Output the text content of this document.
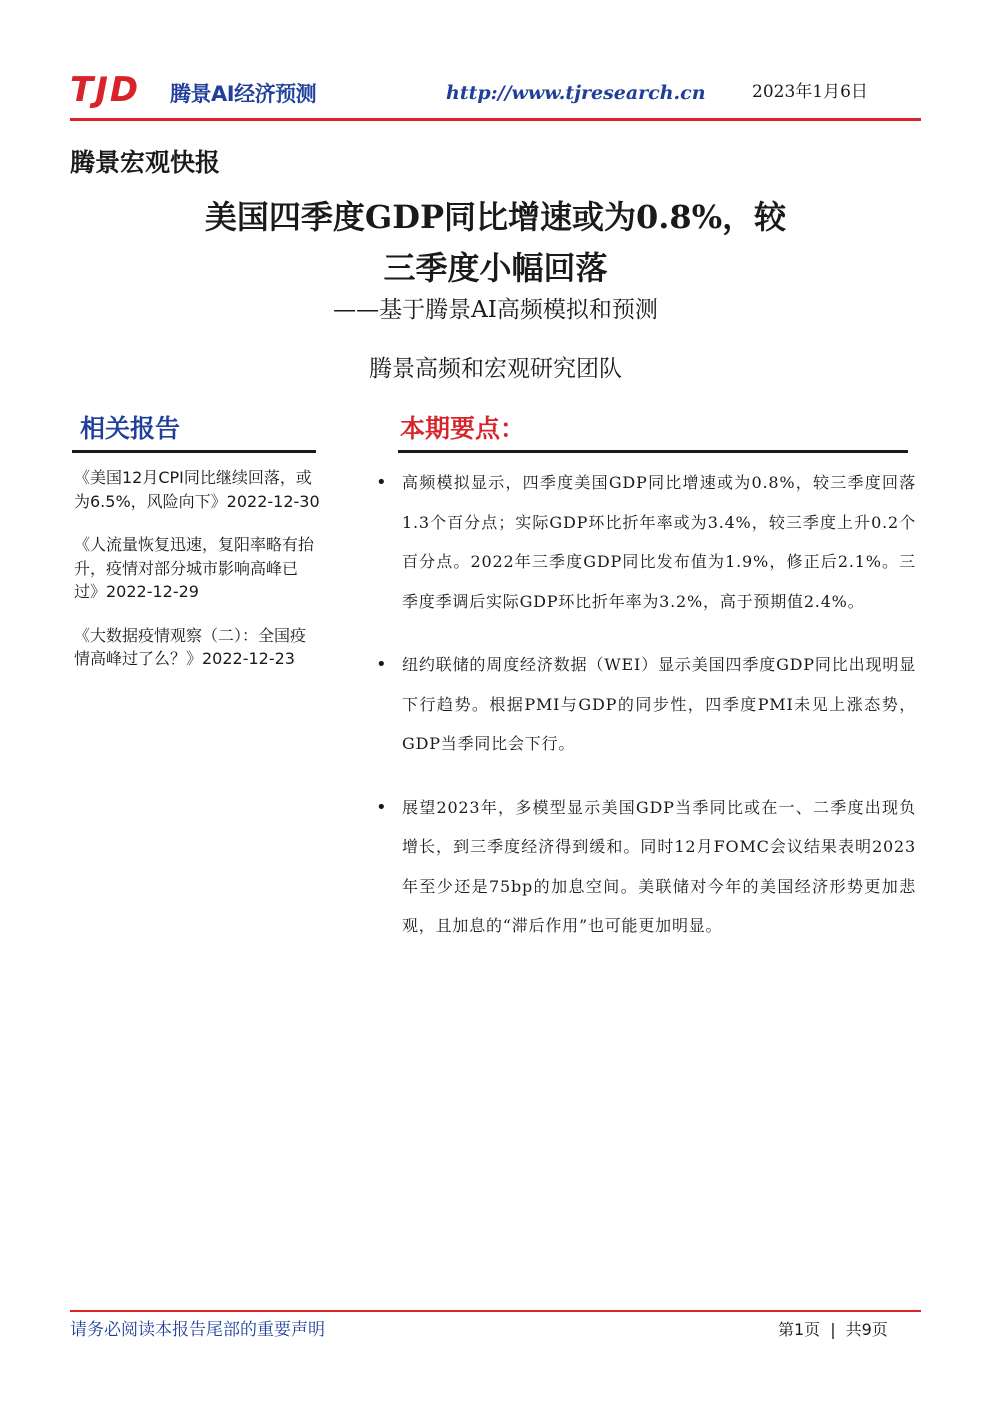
TJD 腾景AI经济预测	http://www.tjresearch.cn	2023年1月6日
腾景宏观快报
美国四季度GDP同比增速或为0.8%，较
三季度小幅回落
——基于腾景AI高频模拟和预测
腾景高频和宏观研究团队
相关报告
《美国12月CPI同比继续回落，或为6.5%，风险向下》2022-12-30
《人流量恢复迅速，复阳率略有抬升，疫情对部分城市影响高峰已过》2022-12-29
《大数据疫情观察（二）：全国疫情高峰过了么？》2022-12-23
本期要点：
• 高频模拟显示，四季度美国GDP同比增速或为0.8%，较三季度回落1.3个百分点；实际GDP环比折年率或为3.4%，较三季度上升0.2个百分点。2022年三季度GDP同比发布值为1.9%，修正后2.1%。三季度季调后实际GDP环比折年率为3.2%，高于预期值2.4%。
• 纽约联储的周度经济数据（WEI）显示美国四季度GDP同比出现明显下行趋势。根据PMI与GDP的同步性，四季度PMI未见上涨态势，GDP当季同比会下行。
• 展望2023年，多模型显示美国GDP当季同比或在一、二季度出现负增长，到三季度经济得到缓和。同时12月FOMC会议结果表明2023年至少还是75bp的加息空间。美联储对今年的美国经济形势更加悲观，且加息的“滞后作用”也可能更加明显。
请务必阅读本报告尾部的重要声明	第1页 | 共9页
